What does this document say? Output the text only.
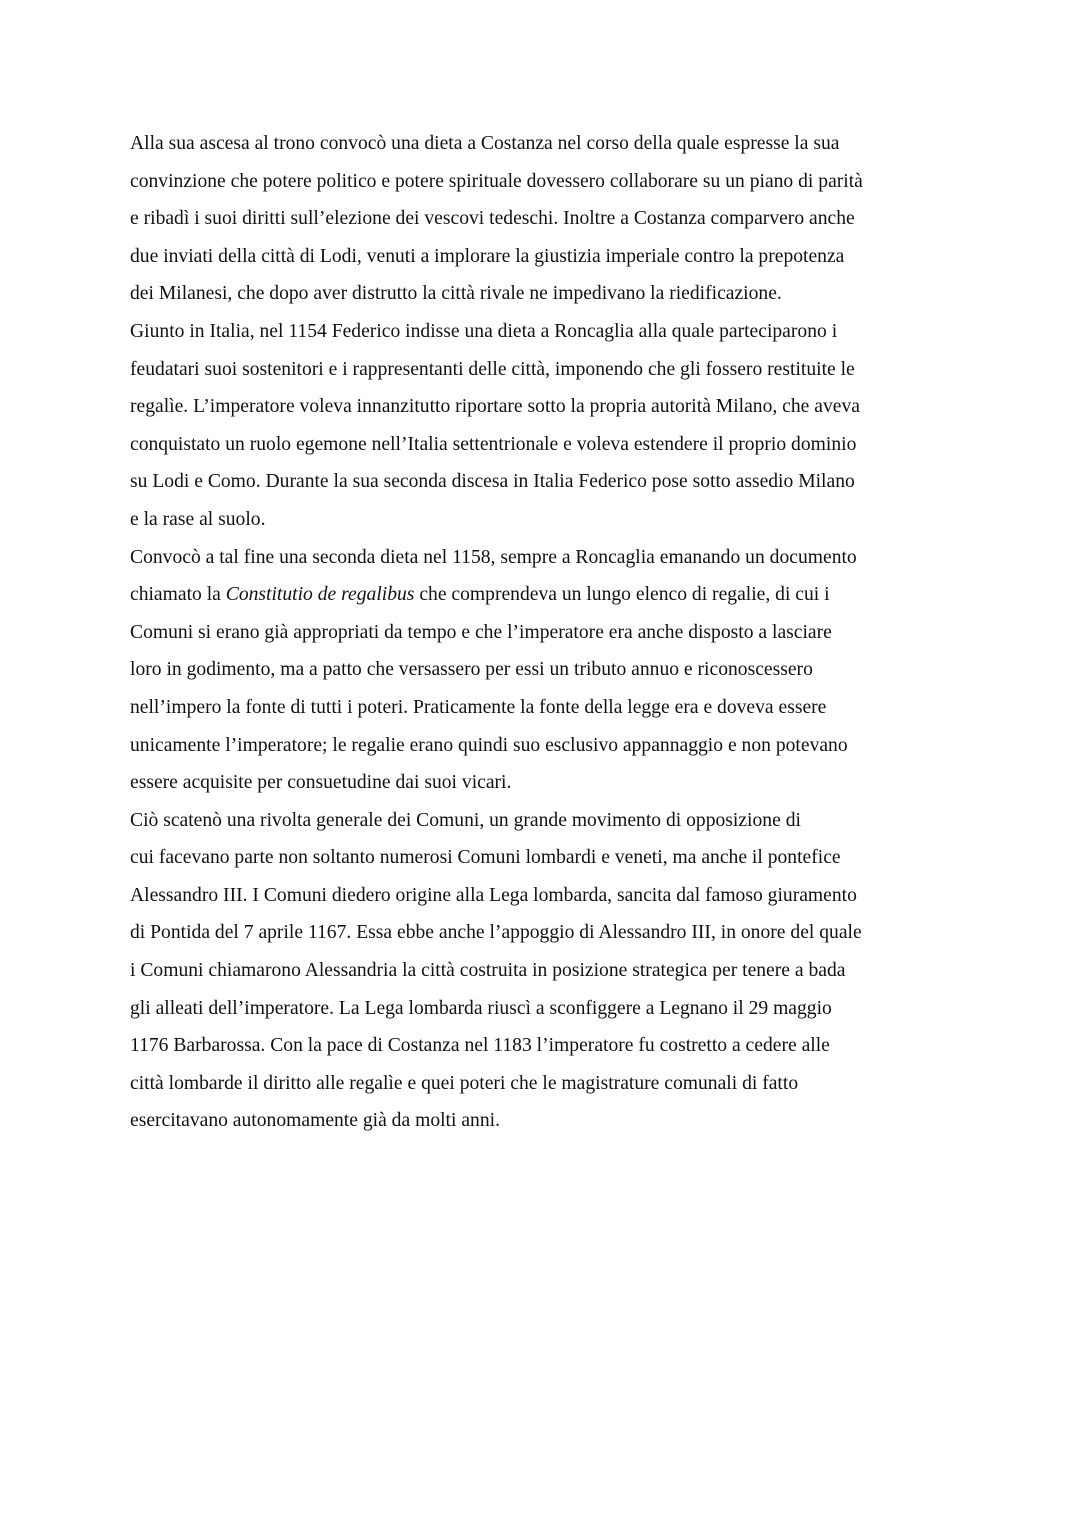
Alla sua ascesa al trono convocò una dieta a Costanza nel corso della quale espresse la sua
convinzione che potere politico e potere spirituale dovessero collaborare su un piano di parità
e ribadì i suoi diritti sull’elezione dei vescovi tedeschi. Inoltre a Costanza comparvero anche
due inviati della città di Lodi, venuti a implorare la giustizia imperiale contro la prepotenza
dei Milanesi, che dopo aver distrutto la città rivale ne impedivano la riedificazione.
Giunto in Italia, nel 1154 Federico indisse una dieta a Roncaglia alla quale parteciparono i
feudatari suoi sostenitori e i rappresentanti delle città, imponendo che gli fossero restituite le
regalìe. L’imperatore voleva innanzitutto riportare sotto la propria autorità Milano, che aveva
conquistato un ruolo egemone nell’Italia settentrionale e voleva estendere il proprio dominio
su Lodi e Como. Durante la sua seconda discesa in Italia Federico pose sotto assedio Milano
e la rase al suolo.
Convocò a tal fine una seconda dieta nel 1158, sempre a Roncaglia emanando un documento
chiamato la Constitutio de regalibus che comprendeva un lungo elenco di regalie, di cui i
Comuni si erano già appropriati da tempo e che l’imperatore era anche disposto a lasciare
loro in godimento, ma a patto che versassero per essi un tributo annuo e riconoscessero
nell’impero la fonte di tutti i poteri. Praticamente la fonte della legge era e doveva essere
unicamente l’imperatore; le regalie erano quindi suo esclusivo appannaggio e non potevano
essere acquisite per consuetudine dai suoi vicari.
Ciò scatenò una rivolta generale dei Comuni, un grande movimento di opposizione di
cui facevano parte non soltanto numerosi Comuni lombardi e veneti, ma anche il pontefice
Alessandro III. I Comuni diedero origine alla Lega lombarda, sancita dal famoso giuramento
di Pontida del 7 aprile 1167. Essa ebbe anche l’appoggio di Alessandro III, in onore del quale
i Comuni chiamarono Alessandria la città costruita in posizione strategica per tenere a bada
gli alleati dell’imperatore. La Lega lombarda riuscì a sconfiggere a Legnano il 29 maggio
1176 Barbarossa. Con la pace di Costanza nel 1183 l’imperatore fu costretto a cedere alle
città lombarde il diritto alle regalìe e quei poteri che le magistrature comunali di fatto
esercitavano autonomamente già da molti anni.
